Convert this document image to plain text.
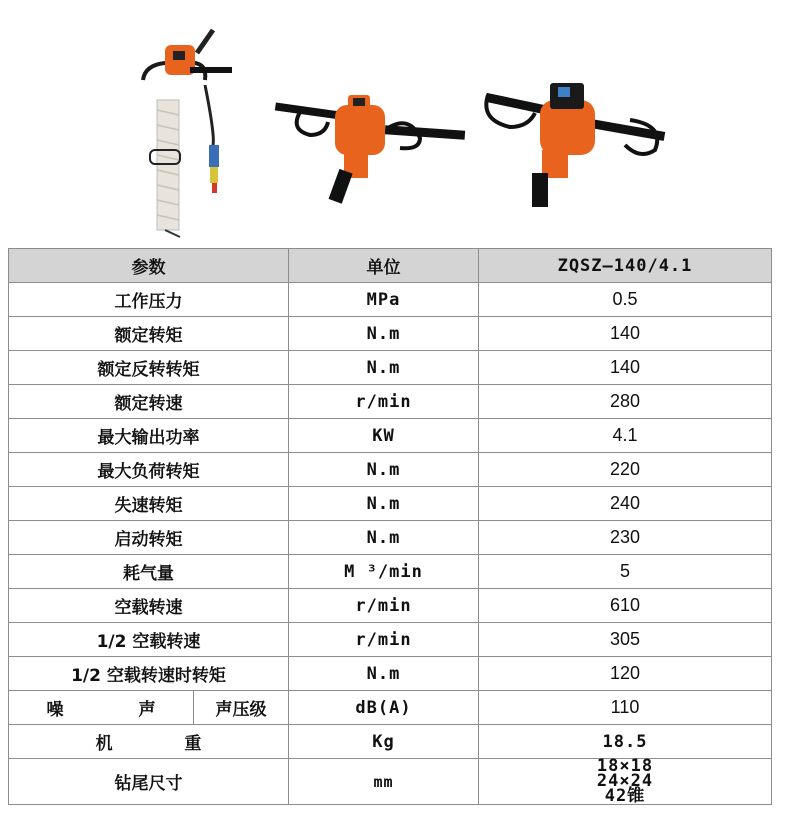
参数		单位	ZQSZ—140/4.1
工作压力		MPa	0.5
额定转矩		N.m	140
额定反转转矩		N.m	140
额定转速		r/min	280
最大输出功率		KW	4.1
最大负荷转矩		N.m	220
失速转矩		N.m	240
启动转矩		N.m	230
耗气量		M ³/min	5
空载转速		r/min	610
1/2 空载转速		r/min	305
1/2 空载转速时转矩		N.m	120

噪 声	声压级	dB(A)	110
机 重		Kg	18.5
钻尾尺寸		mm	18×18
24×24
42锥
